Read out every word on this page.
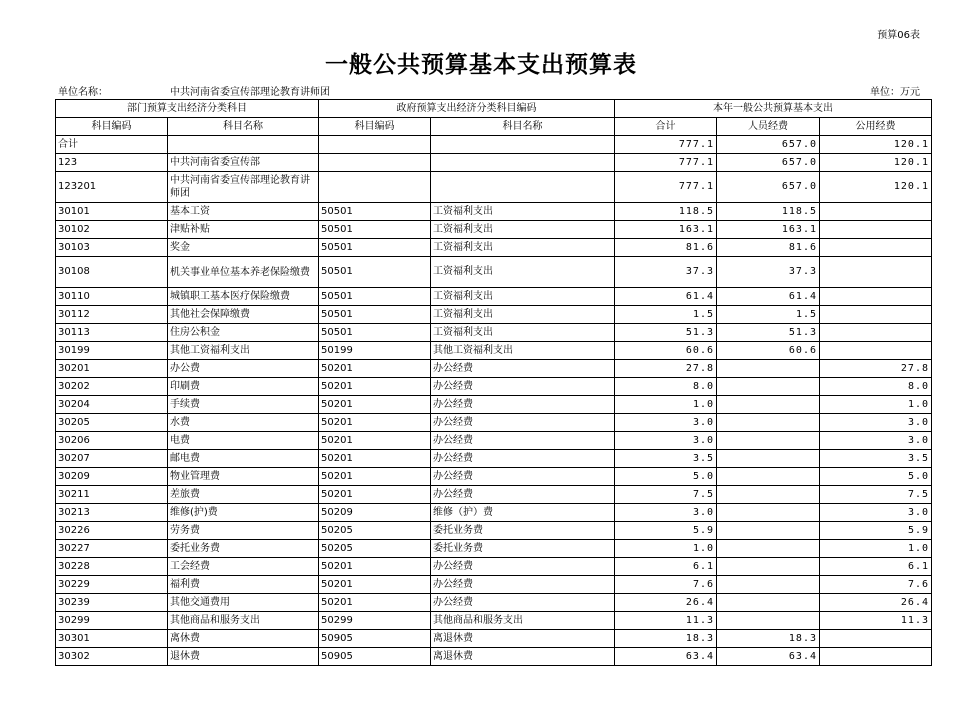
预算06表
一般公共预算基本支出预算表
单位名称：	中共河南省委宣传部理论教育讲师团	单位：万元
部门预算支出经济分类科目		政府预算支出经济分类科目编码		本年一般公共预算基本支出		
科目编码	科目名称	科目编码	科目名称	合计	人员经费	公用经费
合计				777.1	657.0	120.1
123	中共河南省委宣传部			777.1	657.0	120.1
123201	中共河南省委宣传部理论教育讲师团			777.1	657.0	120.1
30101	基本工资	50501	工资福利支出	118.5	118.5	
30102	津贴补贴	50501	工资福利支出	163.1	163.1	
30103	奖金	50501	工资福利支出	81.6	81.6	
30108	机关事业单位基本养老保险缴费	50501	工资福利支出	37.3	37.3	
30110	城镇职工基本医疗保险缴费	50501	工资福利支出	61.4	61.4	
30112	其他社会保障缴费	50501	工资福利支出	1.5	1.5	
30113	住房公积金	50501	工资福利支出	51.3	51.3	
30199	其他工资福利支出	50199	其他工资福利支出	60.6	60.6	
30201	办公费	50201	办公经费	27.8		27.8
30202	印刷费	50201	办公经费	8.0		8.0
30204	手续费	50201	办公经费	1.0		1.0
30205	水费	50201	办公经费	3.0		3.0
30206	电费	50201	办公经费	3.0		3.0
30207	邮电费	50201	办公经费	3.5		3.5
30209	物业管理费	50201	办公经费	5.0		5.0
30211	差旅费	50201	办公经费	7.5		7.5
30213	维修(护)费	50209	维修（护）费	3.0		3.0
30226	劳务费	50205	委托业务费	5.9		5.9
30227	委托业务费	50205	委托业务费	1.0		1.0
30228	工会经费	50201	办公经费	6.1		6.1
30229	福利费	50201	办公经费	7.6		7.6
30239	其他交通费用	50201	办公经费	26.4		26.4
30299	其他商品和服务支出	50299	其他商品和服务支出	11.3		11.3
30301	离休费	50905	离退休费	18.3	18.3	
30302	退休费	50905	离退休费	63.4	63.4	
